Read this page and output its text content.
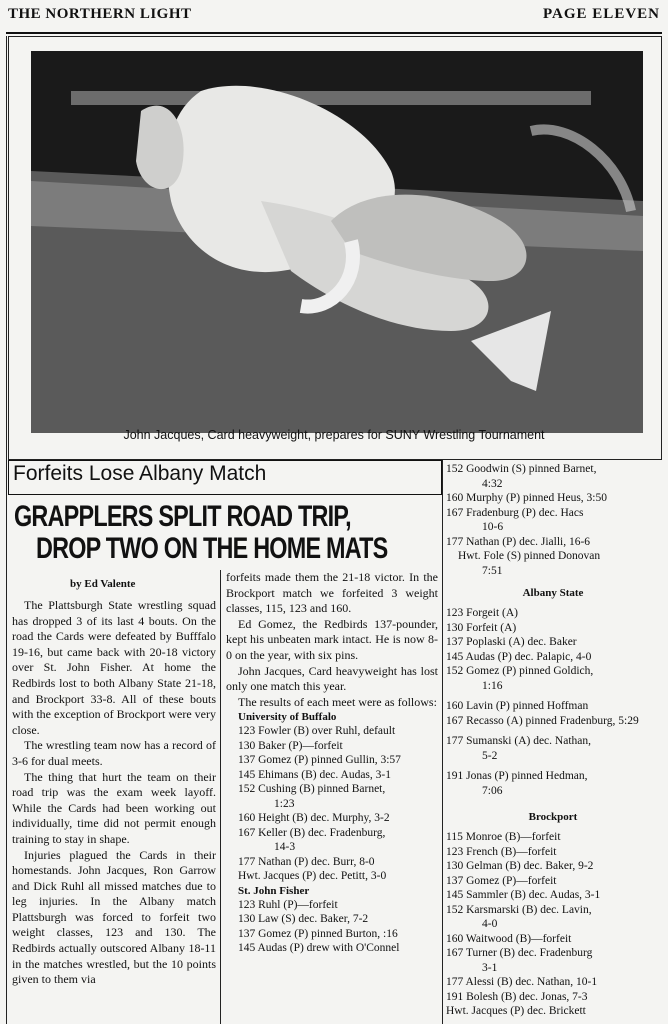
THE NORTHERN LIGHT	PAGE ELEVEN
John Jacques, Card heavyweight, prepares for SUNY Wrestling Tournament
Forfeits Lose Albany Match
GRAPPLERS SPLIT ROAD TRIP,
DROP TWO ON THE HOME MATS
by Ed Valente

The Plattsburgh State wrestling squad has dropped 3 of its last 4 bouts. On the road the Cards were defeated by Bufffalo 19-16, but came back with 20-18 victory over St. John Fisher. At home the Redbirds lost to both Albany State 21-18, and Brockport 33-8. All of these bouts with the exception of Brockport were very close.

The wrestling team now has a record of 3-6 for dual meets.

The thing that hurt the team on their road trip was the exam week layoff. While the Cards had been working out individually, time did not permit enough training to stay in shape.

Injuries plagued the Cards in their homestands. John Jacques, Ron Garrow and Dick Ruhl all missed matches due to leg injuries. In the Albany match Plattsburgh was forced to forfeit two weight classes, 123 and 130. The Redbirds actually outscored Albany 18-11 in the matches wrestled, but the 10 points given to them via

forfeits made them the 21-18 victor. In the Brockport match we forfeited 3 weight classes, 115, 123 and 160.

Ed Gomez, the Redbirds 137-pounder, kept his unbeaten mark intact. He is now 8-0 on the year, with six pins.

John Jacques, Card heavyweight has lost only one match this year.

The results of each meet were as follows:

University of Buffalo

123 Fowler (B) over Ruhl, default

130 Baker (P)—forfeit

137 Gomez (P) pinned Gullin, 3:57

145 Ehimans (B) dec. Audas, 3-1

152 Cushing (B) pinned Barnet,

1:23

160 Height (B) dec. Murphy, 3-2

167 Keller (B) dec. Fradenburg,

14-3

177 Nathan (P) dec. Burr, 8-0

Hwt. Jacques (P) dec. Petitt, 3-0

St. John Fisher

123 Ruhl (P)—forfeit

130 Law (S) dec. Baker, 7-2

137 Gomez (P) pinned Burton, :16

145 Audas (P) drew with O'Connel

152 Goodwin (S) pinned Barnet,

4:32

160 Murphy (P) pinned Heus, 3:50

167 Fradenburg (P) dec. Hacs

10-6

177 Nathan (P) dec. Jialli, 16-6

Hwt. Fole (S) pinned Donovan

7:51

Albany State

123 Forgeit (A)

130 Forfeit (A)

137 Poplaski (A) dec. Baker

145 Audas (P) dec. Palapic, 4-0

152 Gomez (P) pinned Goldich,

1:16

160 Lavin (P) pinned Hoffman

167 Recasso (A) pinned Fradenburg, 5:29

177 Sumanski (A) dec. Nathan,

5-2

191 Jonas (P) pinned Hedman,

7:06

Brockport

115 Monroe (B)—forfeit

123 French (B)—forfeit

130 Gelman (B) dec. Baker, 9-2

137 Gomez (P)—forfeit

145 Sammler (B) dec. Audas, 3-1

152 Karsmarski (B) dec. Lavin,

4-0

160 Waitwood (B)—forfeit

167 Turner (B) dec. Fradenburg

3-1

177 Alessi (B) dec. Nathan, 10-1

191 Bolesh (B) dec. Jonas, 7-3

Hwt. Jacques (P) dec. Brickett
